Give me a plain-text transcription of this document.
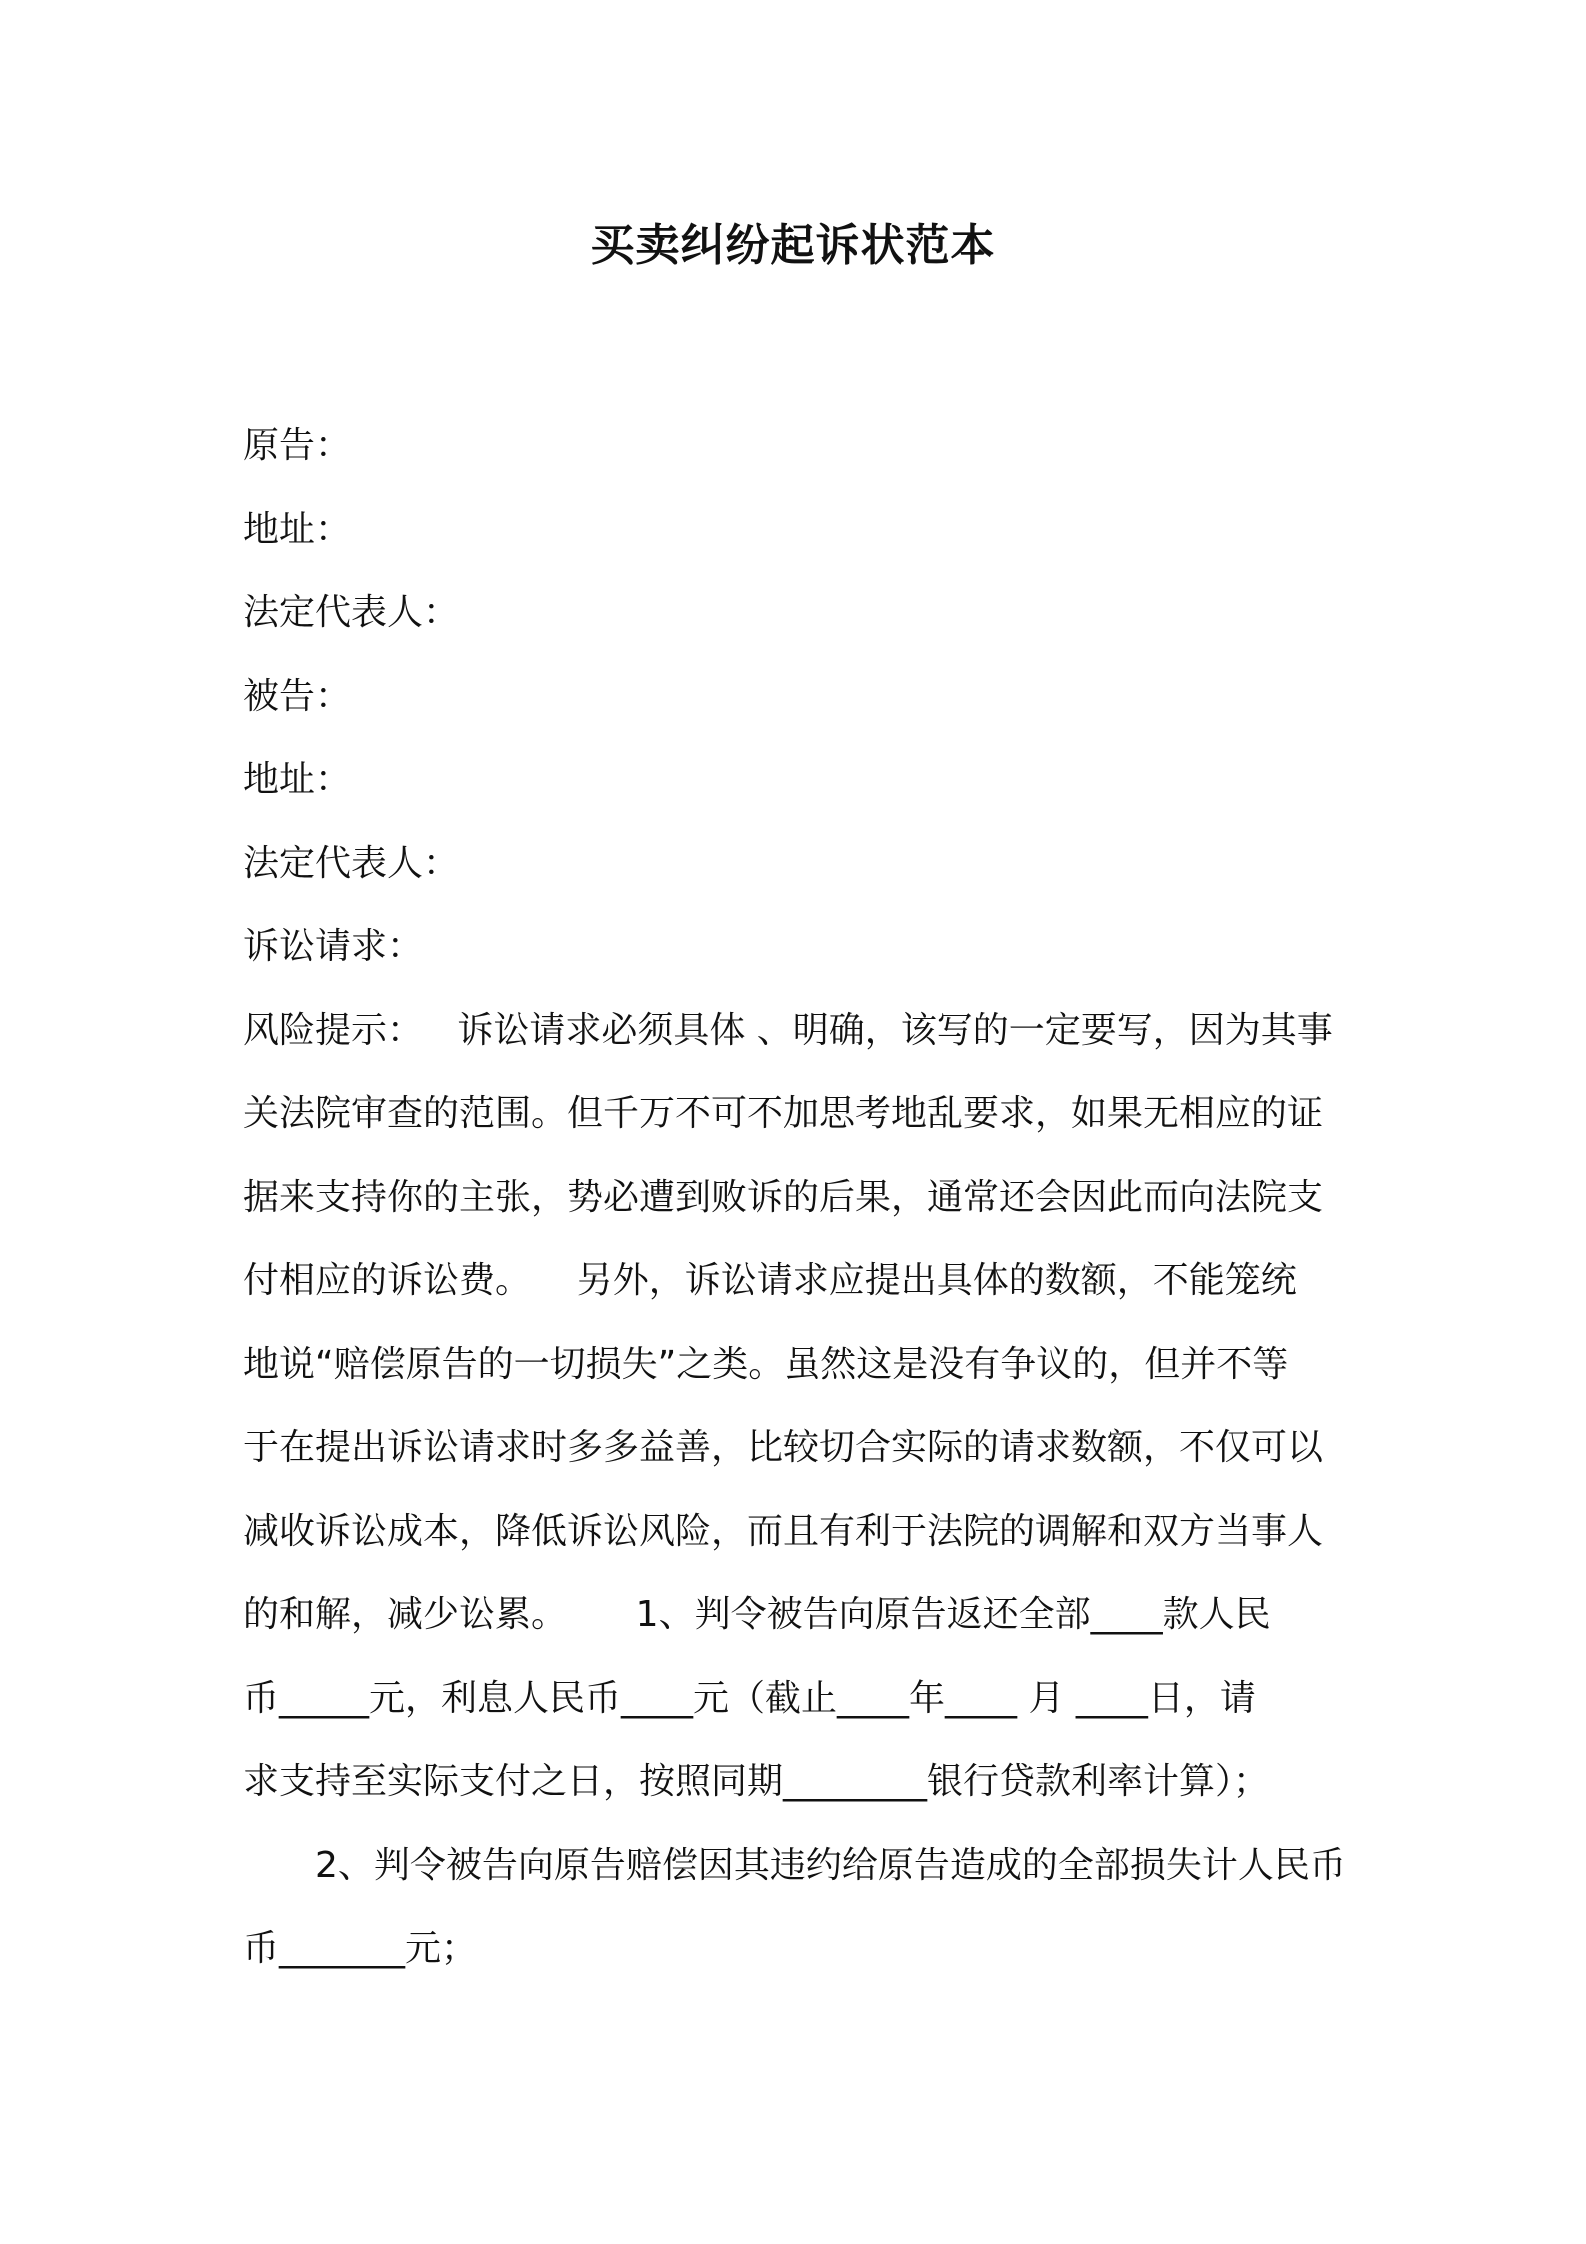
买卖纠纷起诉状范本
原告：
地址：
法定代表人：
被告：
地址：
法定代表人：
诉讼请求：
风险提示：   诉讼请求必须具体 、明确，该写的一定要写，因为其事
关法院审查的范围。但千万不可不加思考地乱要求，如果无相应的证
据来支持你的主张，势必遭到败诉的后果，通常还会因此而向法院支
付相应的诉讼费。    另外，诉讼请求应提出具体的数额，不能笼统
地说“赔偿原告的一切损失”之类。虽然这是没有争议的，但并不等
于在提出诉讼请求时多多益善，比较切合实际的请求数额，不仅可以
减收诉讼成本，降低诉讼风险，而且有利于法院的调解和双方当事人
的和解，减少讼累。      1、判令被告向原告返还全部____款人民
币_____元，利息人民币____元（截止____年____ 月 ____日，请
求支持至实际支付之日，按照同期________银行贷款利率计算）；
2、判令被告向原告赔偿因其违约给原告造成的全部损失计人民币
币_______元；
